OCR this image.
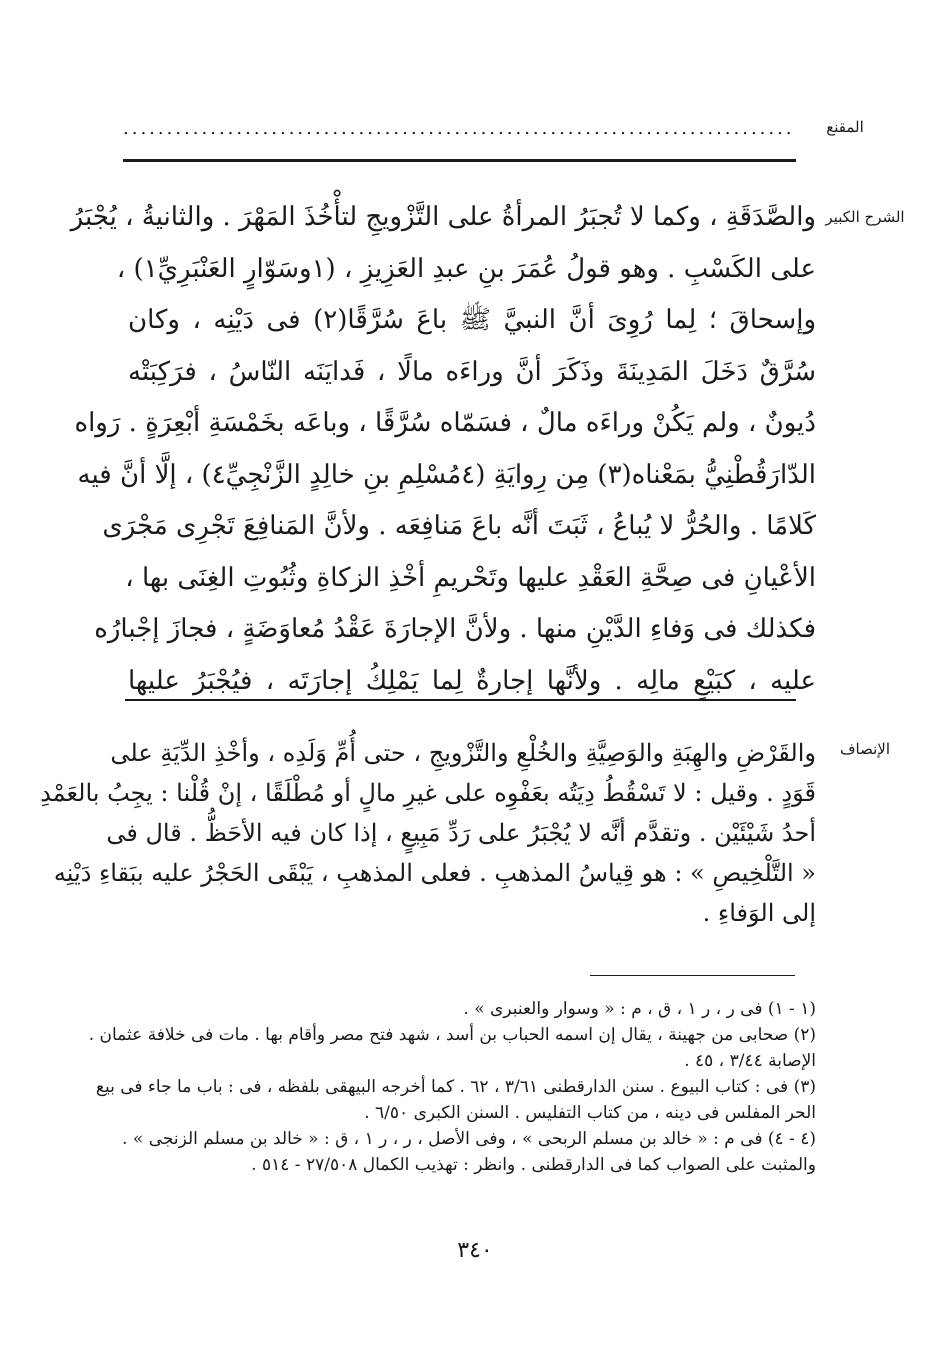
المقنع
.............................................................................
الشرح الكبير
والصَّدَقَةِ ، وكما لا تُجبَرُ المرأةُ على التَّزْويجِ لتأْخُذَ المَهْرَ . والثانيةُ ، يُجْبَرُ
على الكَسْبِ . وهو قولُ عُمَرَ بنِ عبدِ العَزِيزِ ، (١وسَوّارٍ العَنْبَرِيِّ١) ،
وإسحاقَ ؛ لِما رُوِىَ أنَّ النبيَّ ﷺ باعَ سُرَّقًا(٢) فى دَيْنِه ، وكان
سُرَّقٌ دَخَلَ المَدِينَةَ وذَكَرَ أنَّ وراءَه مالًا ، فَدايَنَه النّاسُ ، فرَكِبَتْه
دُيونٌ ، ولم يَكُنْ وراءَه مالٌ ، فسَمّاه سُرَّقًا ، وباعَه بخَمْسَةِ أبْعِرَةٍ . رَواه
الدّارَقُطْنِيُّ بمَعْناه(٣) مِن رِوايَةِ (٤مُسْلِمِ بنِ خالِدٍ الزَّنْجِيِّ٤) ، إلَّا أنَّ فيه
كَلامًا . والحُرُّ لا يُباعُ ، ثَبَتَ أنَّه باعَ مَنافِعَه . ولأنَّ المَنافِعَ تَجْرِى مَجْرَى
الأعْيانِ فى صِحَّةِ العَقْدِ عليها وتَحْريمِ أخْذِ الزكاةِ وثُبُوتِ الغِنَى بها ،
فكذلك فى وَفاءِ الدَّيْنِ منها . ولأنَّ الإجارَةَ عَقْدُ مُعاوَضَةٍ ، فجازَ إجْبارُه
عليه ، كبَيْعِ مالِه . ولأنَّها إجارةٌ لِما يَمْلِكُ إجارَتَه ، فيُجْبَرُ عليها
الإنصاف
والقَرْضِ والهِبَةِ والوَصِيَّةِ والخُلْعِ والتَّزْويجِ ، حتى أُمِّ وَلَدِه ، وأخْذِ الدِّيَةِ على
قَوَدٍ . وقيل : لا تَسْقُطُ دِيَتُه بعَفْوِه على غيرِ مالٍ أو مُطْلَقًا ، إنْ قُلْنا : يجِبُ بالعَمْدِ
أحدُ شَيْئَيْن . وتقدَّم أنَّه لا يُجْبَرُ على رَدِّ مَبِيعٍ ، إذا كان فيه الأحَظُّ . قال فى
« التَّلْخِيصِ » : هو قِياسُ المذهبِ . فعلى المذهبِ ، يَبْقَى الحَجْرُ عليه ببَقاءِ دَيْنِه
إلى الوَفاءِ .
(١ - ١) فى ر ، ر ١ ، ق ، م : « وسوار والعنبرى » .
(٢) صحابى من جهينة ، يقال إن اسمه الحباب بن أسد ، شهد فتح مصر وأقام بها . مات فى خلافة عثمان .
الإصابة ٣/٤٤ ، ٤٥ .
(٣) فى : كتاب البيوع . سنن الدارقطنى ٣/٦١ ، ٦٢ . كما أخرجه البيهقى بلفظه ، فى : باب ما جاء فى بيع
الحر المفلس فى دينه ، من كتاب التفليس . السنن الكبرى ٦/٥٠ .
(٤ - ٤) فى م : « خالد بن مسلم الربحى » ، وفى الأصل ، ر ، ر ١ ، ق : « خالد بن مسلم الزنجى » .
والمثبت على الصواب كما فى الدارقطنى . وانظر : تهذيب الكمال ٢٧/٥٠٨ - ٥١٤ .
٣٤٠
